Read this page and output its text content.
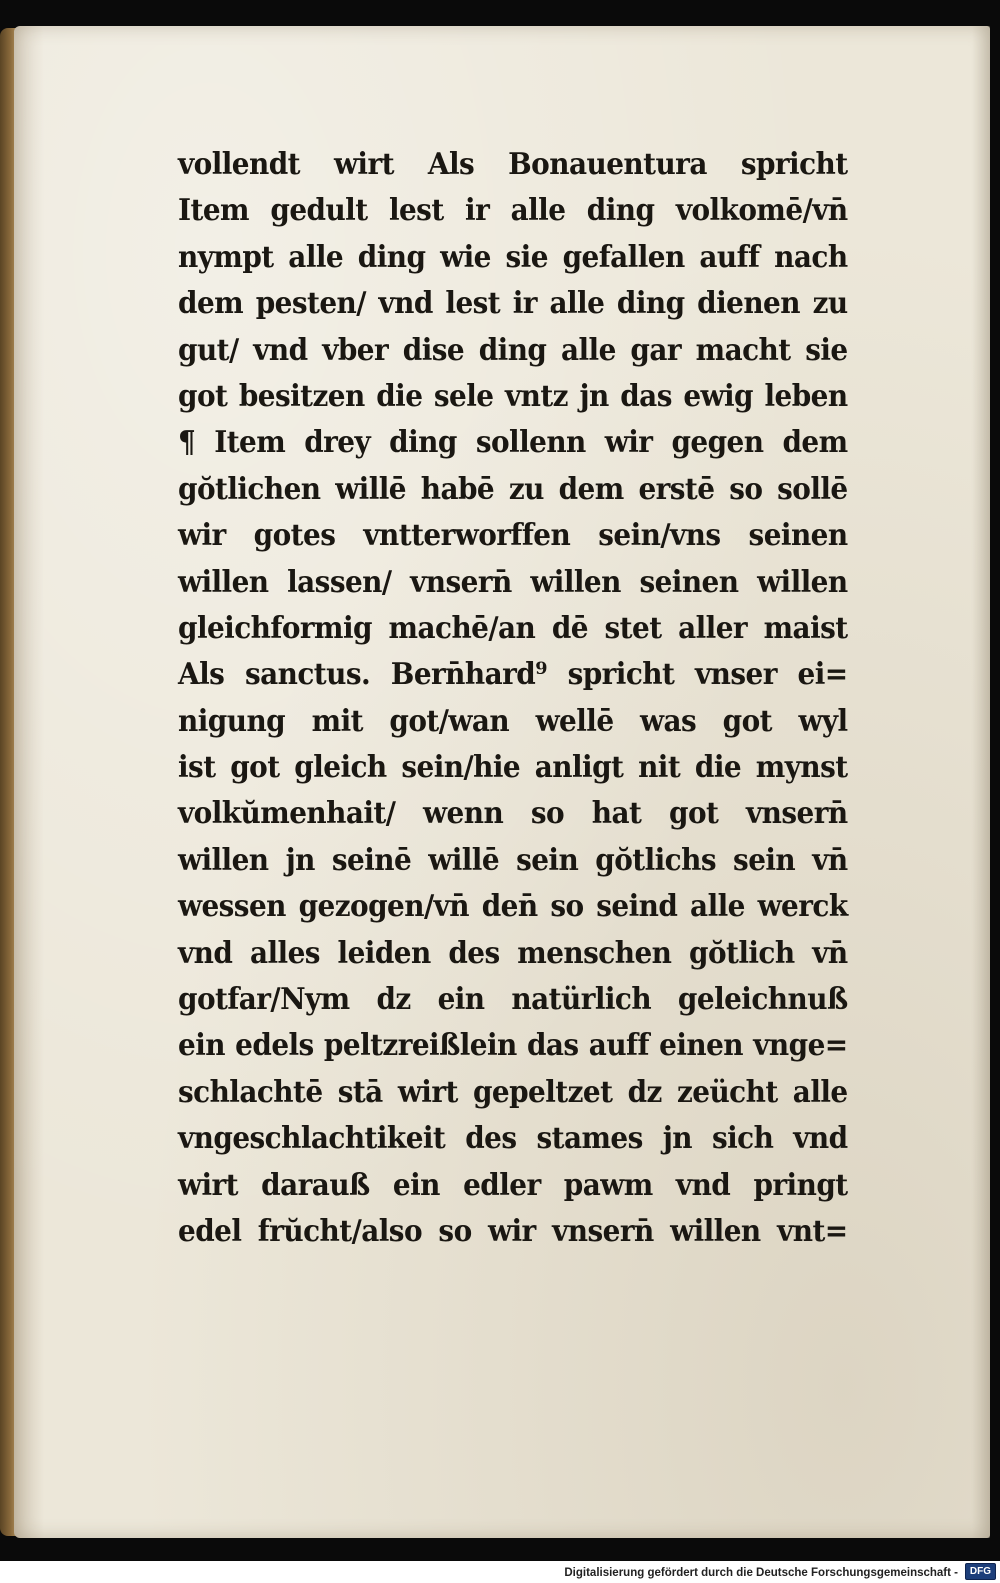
vollendt wirt Als Bonauentura spricht
Item gedult lest ir alle ding volkomē/vn̄
nympt alle ding wie sie gefallen auff nach
dem pesten/ vnd lest ir alle ding dienen zu
gut/ vnd vber dise ding alle gar macht sie
got besitzen die sele vntz jn das ewig leben
¶ Item drey ding sollenn wir gegen dem
gŏtlichen willē habē zu dem erstē so sollē
wir gotes vntterworffen sein/vns seinen
willen lassen/ vnsern̄ willen seinen willen
gleichformig machē/an dē stet aller maist
Als sanctus. Bern̄hard⁹ spricht vnser ei=
nigung mit got/wan wellē was got wyl
ist got gleich sein/hie anligt nit die mynst
volkŭmenhait/ wenn so hat got vnsern̄
willen jn seinē willē sein gŏtlichs sein vn̄
wessen gezogen/vn̄ den̄ so seind alle werck
vnd alles leiden des menschen gŏtlich vn̄
gotfar/Nym dz ein natürlich geleichnuß
ein edels peltzreißlein das auff einen vnge=
schlachtē stā wirt gepeltzet dz zeücht alle
vngeschlachtikeit des stames jn sich vnd
wirt darauß ein edler pawm vnd pringt
edel frŭcht/also so wir vnsern̄ willen vnt=
Digitalisierung gefördert durch die Deutsche Forschungsgemeinschaft -	DFG
